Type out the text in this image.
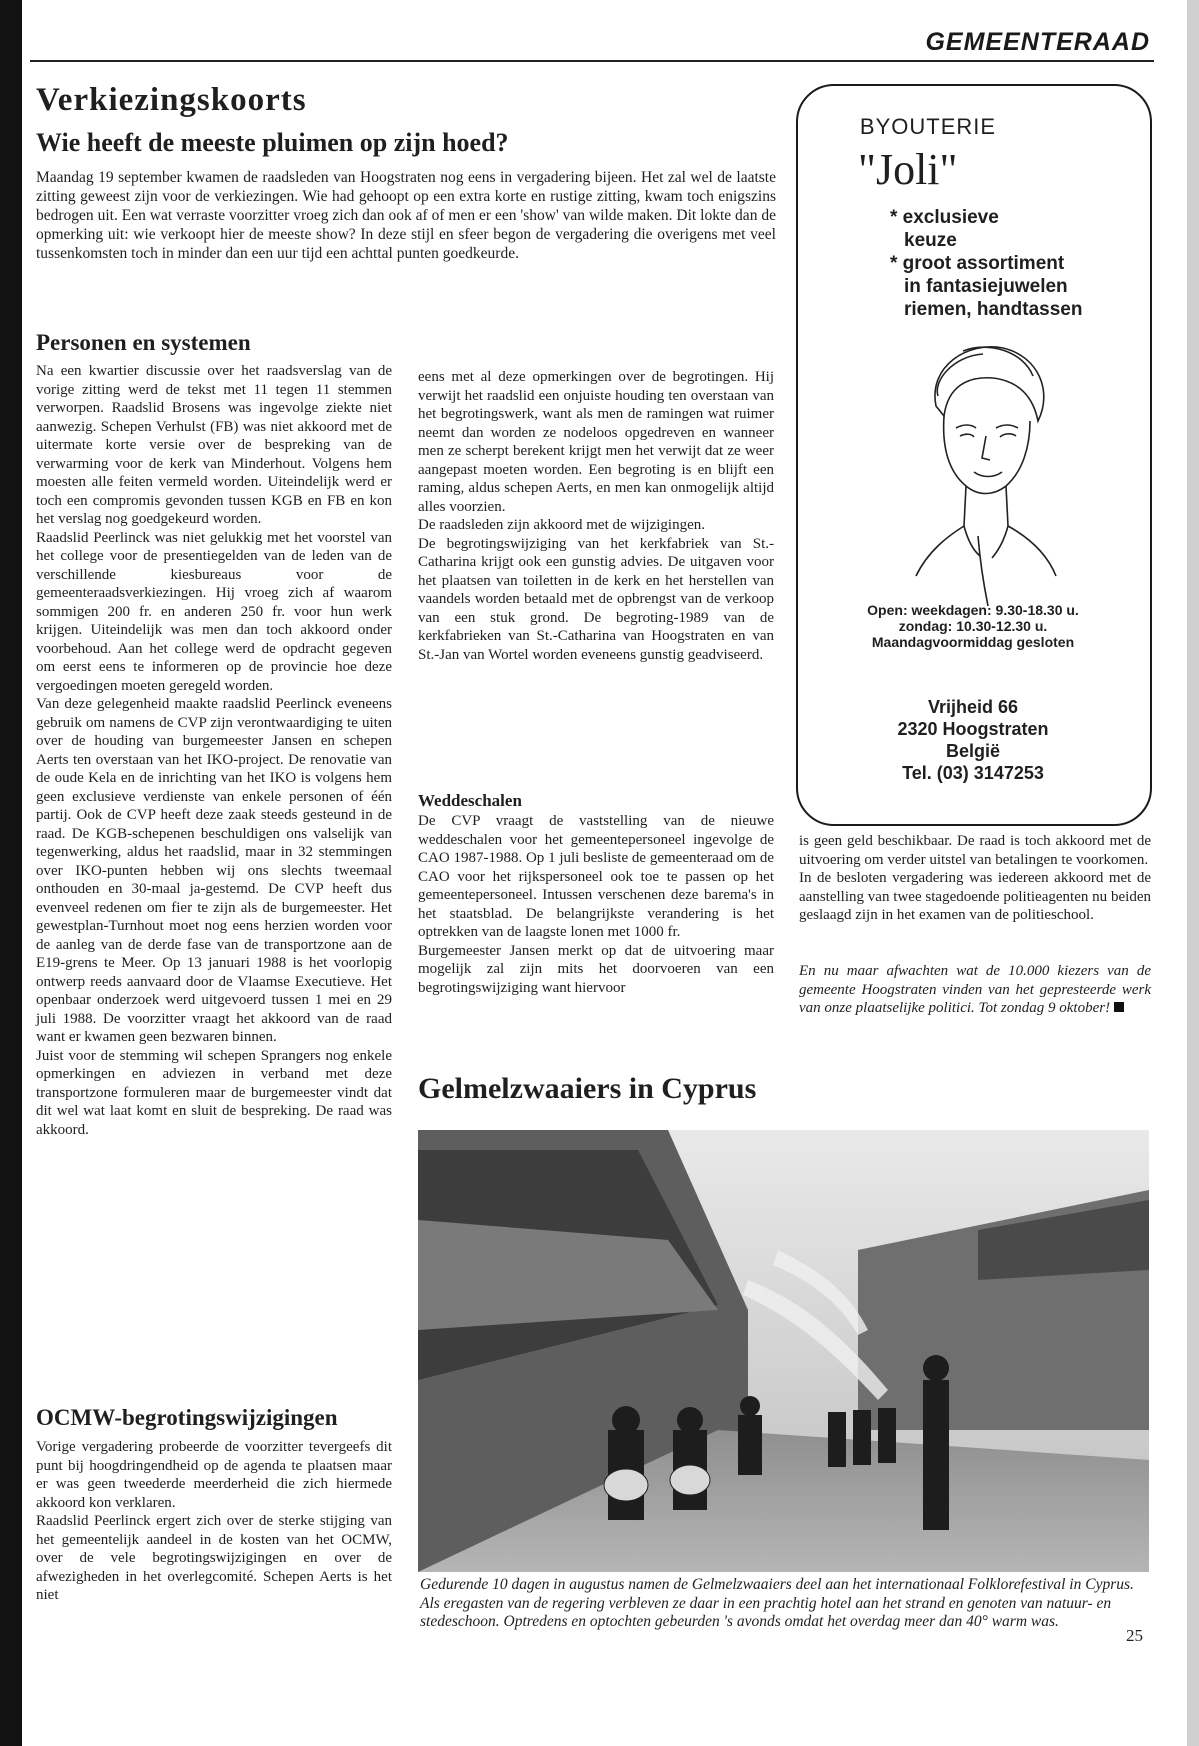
GEMEENTERAAD
Verkiezingskoorts
Wie heeft de meeste pluimen op zijn hoed?
Maandag 19 september kwamen de raadsleden van Hoogstraten nog eens in vergadering bijeen. Het zal wel de laatste zitting geweest zijn voor de verkiezingen. Wie had gehoopt op een extra korte en rustige zitting, kwam toch enigszins bedrogen uit. Een wat verraste voorzitter vroeg zich dan ook af of men er een 'show' van wilde maken. Dit lokte dan de opmerking uit: wie verkoopt hier de meeste show? In deze stijl en sfeer begon de vergadering die overigens met veel tussenkomsten toch in minder dan een uur tijd een achttal punten goedkeurde.
Personen en systemen
Na een kwartier discussie over het raadsverslag van de vorige zitting werd de tekst met 11 tegen 11 stemmen verworpen. Raadslid Brosens was ingevolge ziekte niet aanwezig. Schepen Verhulst (FB) was niet akkoord met de uitermate korte versie over de bespreking van de verwarming voor de kerk van Minderhout. Volgens hem moesten alle feiten vermeld worden. Uiteindelijk werd er toch een compromis gevonden tussen KGB en FB en kon het verslag nog goedgekeurd worden.
Raadslid Peerlinck was niet gelukkig met het voorstel van het college voor de presentiegelden van de leden van de verschillende kiesbureaus voor de gemeenteraadsverkiezingen. Hij vroeg zich af waarom sommigen 200 fr. en anderen 250 fr. voor hun werk krijgen. Uiteindelijk was men dan toch akkoord onder voorbehoud. Aan het college werd de opdracht gegeven om eerst eens te informeren op de provincie hoe deze vergoedingen moeten geregeld worden.
Van deze gelegenheid maakte raadslid Peerlinck eveneens gebruik om namens de CVP zijn verontwaardiging te uiten over de houding van burgemeester Jansen en schepen Aerts ten overstaan van het IKO-project. De renovatie van de oude Kela en de inrichting van het IKO is volgens hem geen exclusieve verdienste van enkele personen of één partij. Ook de CVP heeft deze zaak steeds gesteund in de raad. De KGB-schepenen beschuldigen ons valselijk van tegenwerking, aldus het raadslid, maar in 32 stemmingen over IKO-punten hebben wij ons slechts tweemaal onthouden en 30-maal ja-gestemd. De CVP heeft dus evenveel redenen om fier te zijn als de burgemeester. Het gewestplan-Turnhout moet nog eens herzien worden voor de aanleg van de derde fase van de transportzone aan de E19-grens te Meer. Op 13 januari 1988 is het voorlopig ontwerp reeds aanvaard door de Vlaamse Executieve. Het openbaar onderzoek werd uitgevoerd tussen 1 mei en 29 juli 1988. De voorzitter vraagt het akkoord van de raad want er kwamen geen bezwaren binnen.
Juist voor de stemming wil schepen Sprangers nog enkele opmerkingen en adviezen in verband met deze transportzone formuleren maar de burgemeester vindt dat dit wel wat laat komt en sluit de bespreking. De raad was akkoord.
OCMW-begrotingswijzigingen
Vorige vergadering probeerde de voorzitter tevergeefs dit punt bij hoogdringendheid op de agenda te plaatsen maar er was geen tweederde meerderheid die zich hiermede akkoord kon verklaren.
Raadslid Peerlinck ergert zich over de sterke stijging van het gemeentelijk aandeel in de kosten van het OCMW, over de vele begrotingswijzigingen en over de afwezigheden in het overlegcomité. Schepen Aerts is het niet
eens met al deze opmerkingen over de begrotingen. Hij verwijt het raadslid een onjuiste houding ten overstaan van het begrotingswerk, want als men de ramingen wat ruimer neemt dan worden ze nodeloos opgedreven en wanneer men ze scherpt berekent krijgt men het verwijt dat ze weer aangepast moeten worden. Een begroting is en blijft een raming, aldus schepen Aerts, en men kan onmogelijk altijd alles voorzien.
De raadsleden zijn akkoord met de wijzigingen.
De begrotingswijziging van het kerkfabriek van St.-Catharina krijgt ook een gunstig advies. De uitgaven voor het plaatsen van toiletten in de kerk en het herstellen van vaandels worden betaald met de opbrengst van de verkoop van een stuk grond. De begroting-1989 van de kerkfabrieken van St.-Catharina van Hoogstraten en van St.-Jan van Wortel worden eveneens gunstig geadviseerd.
Weddeschalen
De CVP vraagt de vaststelling van de nieuwe weddeschalen voor het gemeentepersoneel ingevolge de CAO 1987-1988. Op 1 juli besliste de gemeenteraad om de CAO voor het rijkspersoneel ook toe te passen op het gemeentepersoneel. Intussen verschenen deze barema's in het staatsblad. De belangrijkste verandering is het optrekken van de laagste lonen met 1000 fr.
Burgemeester Jansen merkt op dat de uitvoering maar mogelijk zal zijn mits het doorvoeren van een begrotingswijziging want hiervoor
is geen geld beschikbaar. De raad is toch akkoord met de uitvoering om verder uitstel van betalingen te voorkomen.
In de besloten vergadering was iedereen akkoord met de aanstelling van twee stagedoende politieagenten nu beiden geslaagd zijn in het examen van de politieschool.
En nu maar afwachten wat de 10.000 kiezers van de gemeente Hoogstraten vinden van het gepresteerde werk van onze plaatselijke politici. Tot zondag 9 oktober!
BYOUTERIE
"Joli"
* exclusieve
keuze
* groot assortiment
in fantasiejuwelen
riemen, handtassen
Open: weekdagen: 9.30-18.30 u.
zondag: 10.30-12.30 u.
Maandagvoormiddag gesloten
Vrijheid 66
2320 Hoogstraten
België
Tel. (03) 3147253
Gelmelzwaaiers in Cyprus
Gedurende 10 dagen in augustus namen de Gelmelzwaaiers deel aan het internationaal Folklorefestival in Cyprus. Als eregasten van de regering verbleven ze daar in een prachtig hotel aan het strand en genoten van natuur- en stedeschoon. Optredens en optochten gebeurden 's avonds omdat het overdag meer dan 40° warm was.
25
